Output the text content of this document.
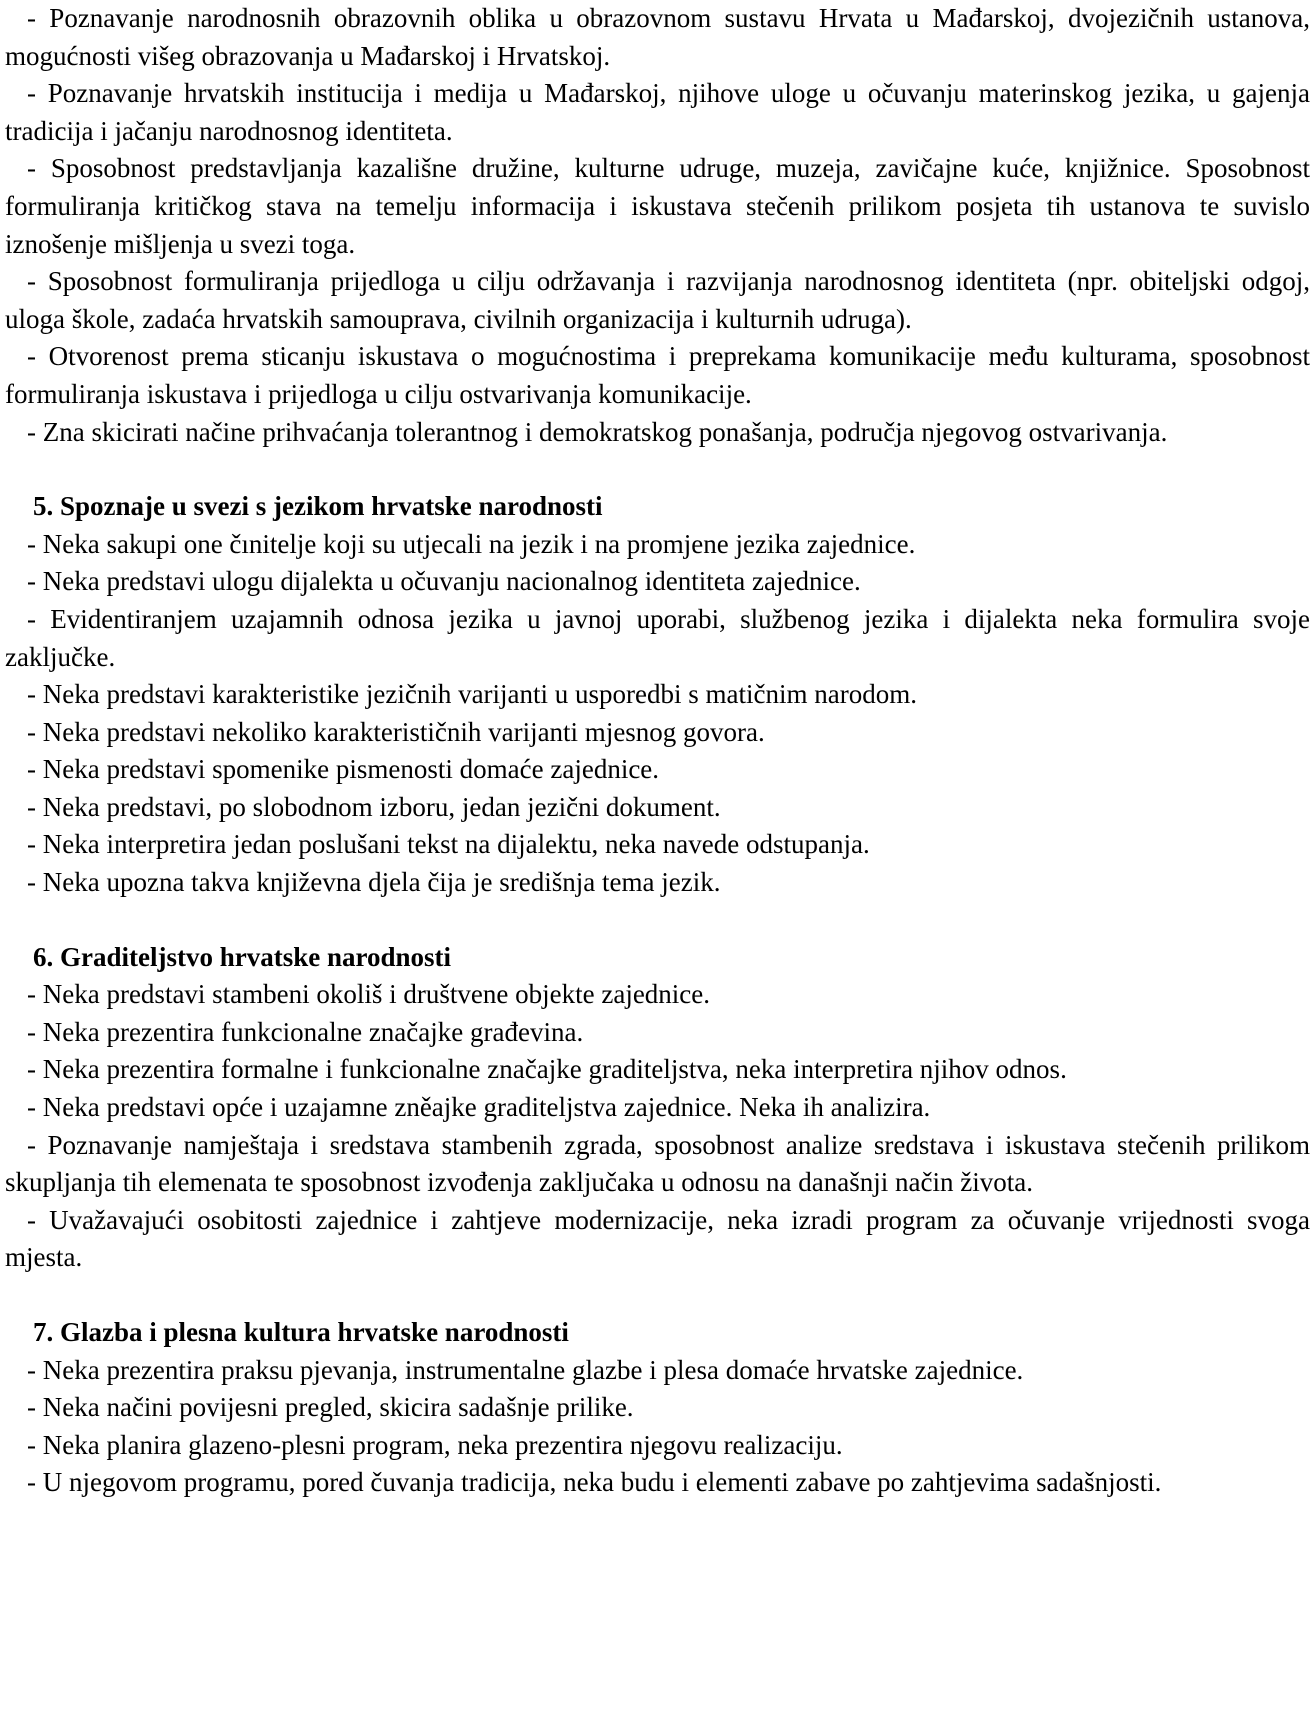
- Poznavanje narodnosnih obrazovnih oblika u obrazovnom sustavu Hrvata u Mađarskoj, dvojezičnih ustanova, mogućnosti višeg obrazovanja u Mađarskoj i Hrvatskoj.

- Poznavanje hrvatskih institucija i medija u Mađarskoj, njihove uloge u očuvanju materinskog jezika, u gajenja tradicija i jačanju narodnosnog identiteta.

- Sposobnost predstavljanja kazališne družine, kulturne udruge, muzeja, zavičajne kuće, knjižnice. Sposobnost formuliranja kritičkog stava na temelju informacija i iskustava stečenih prilikom posjeta tih ustanova te suvislo iznošenje mišljenja u svezi toga.

- Sposobnost formuliranja prijedloga u cilju održavanja i razvijanja narodnosnog identiteta (npr. obiteljski odgoj, uloga škole, zadaća hrvatskih samouprava, civilnih organizacija i kulturnih udruga).

- Otvorenost prema sticanju iskustava o mogućnostima i preprekama komunikacije među kulturama, sposobnost formuliranja iskustava i prijedloga u cilju ostvarivanja komunikacije.

- Zna skicirati načine prihvaćanja tolerantnog i demokratskog ponašanja, područja njegovog ostvarivanja.

5. Spoznaje u svezi s jezikom hrvatske narodnosti

- Neka sakupi one čınitelje koji su utjecali na jezik i na promjene jezika zajednice.

- Neka predstavi ulogu dijalekta u očuvanju nacionalnog identiteta zajednice.

- Evidentiranjem uzajamnih odnosa jezika u javnoj uporabi, službenog jezika i dijalekta neka formulira svoje zaključke.

- Neka predstavi karakteristike jezičnih varijanti u usporedbi s matičnim narodom.

- Neka predstavi nekoliko karakterističnih varijanti mjesnog govora.

- Neka predstavi spomenike pismenosti domaće zajednice.

- Neka predstavi, po slobodnom izboru, jedan jezični dokument.

- Neka interpretira jedan poslušani tekst na dijalektu, neka navede odstupanja.

- Neka upozna takva književna djela čija je središnja tema jezik.

6. Graditeljstvo hrvatske narodnosti

- Neka predstavi stambeni okoliš i društvene objekte zajednice.

- Neka prezentira funkcionalne značajke građevina.

- Neka prezentira formalne i funkcionalne značajke graditeljstva, neka interpretira njihov odnos.

- Neka predstavi opće i uzajamne zněajke graditeljstva zajednice. Neka ih analizira.

- Poznavanje namještaja i sredstava stambenih zgrada, sposobnost analize sredstava i iskustava stečenih prilikom skupljanja tih elemenata te sposobnost izvođenja zaključaka u odnosu na današnji način života.

- Uvažavajući osobitosti zajednice i zahtjeve modernizacije, neka izradi program za očuvanje vrijednosti svoga mjesta.

7. Glazba i plesna kultura hrvatske narodnosti

- Neka prezentira praksu pjevanja, instrumentalne glazbe i plesa domaće hrvatske zajednice.

- Neka načini povijesni pregled, skicira sadašnje prilike.

- Neka planira glazeno-plesni program, neka prezentira njegovu realizaciju.

- U njegovom programu, pored čuvanja tradicija, neka budu i elementi zabave po zahtjevima sadašnjosti.
